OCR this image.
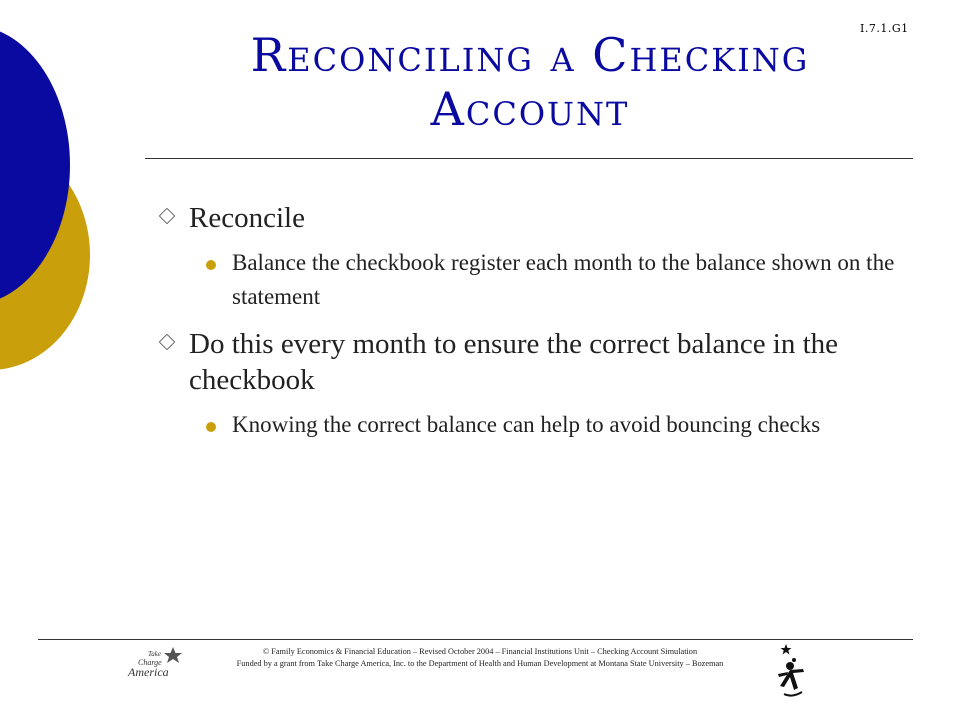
I.7.1.G1
Reconciling a Checking Account
Reconcile
Balance the checkbook register each month to the balance shown on the statement
Do this every month to ensure the correct balance in the checkbook
Knowing the correct balance can help to avoid bouncing checks
Take
Charge
America
© Family Economics & Financial Education – Revised October 2004 – Financial Institutions Unit – Checking Account Simulation
Funded by a grant from Take Charge America, Inc. to the Department of Health and Human Development at Montana State University – Bozeman
